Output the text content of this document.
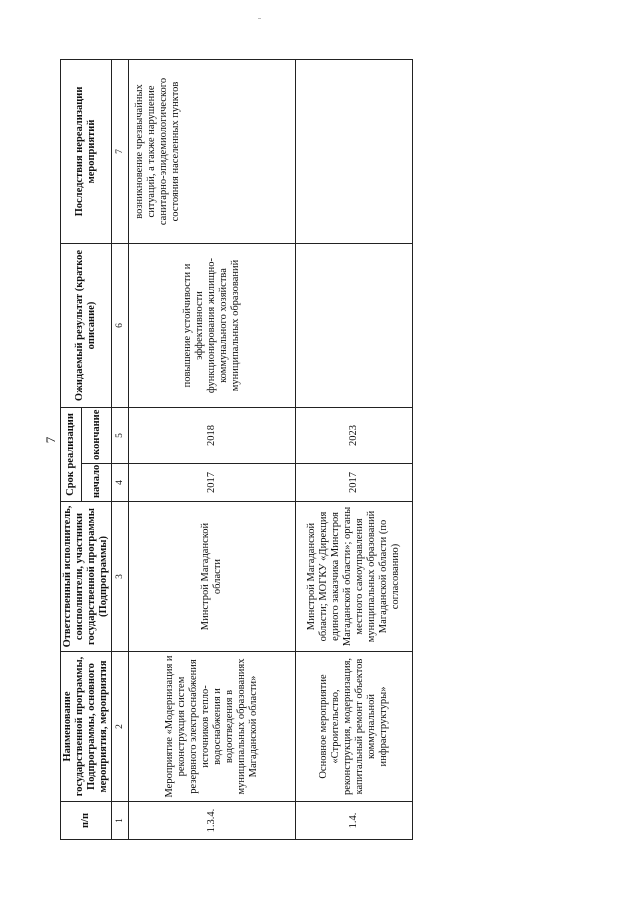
7
п/п	Наименование государственной программы, Подпрограммы, основного мероприятия, мероприятия	Ответственный исполнитель, соисполнители, участники государственной программы (Подпрограммы)	Срок реализации		Ожидаемый результат (краткое описание)	Последствия нереализации мероприятий
			начало	окончание		
1	2	3	4	5	6	7
1.3.4.	Мероприятие «Модернизация и реконструкция систем резервного электроснабжения источников тепло-водоснабжения и водоотведения в муниципальных образованиях Магаданской области»	Минстрой Магаданской области	2017	2018	повышение устойчивости и эффективности функционирования жилищно-коммунального хозяйства муниципальных образований	возникновение чрезвычайных ситуаций, а также нарушение санитарно-эпидемиологического состояния населенных пунктов
1.4.	Основное мероприятие «Строительство, реконструкция, модернизация, капитальный ремонт объектов коммунальной инфраструктуры»	Минстрой Магаданской области; МОГКУ «Дирекция единого заказчика Минстроя Магаданской области»; органы местного самоуправления муниципальных образований Магаданской области (по согласованию)	2017	2023		
